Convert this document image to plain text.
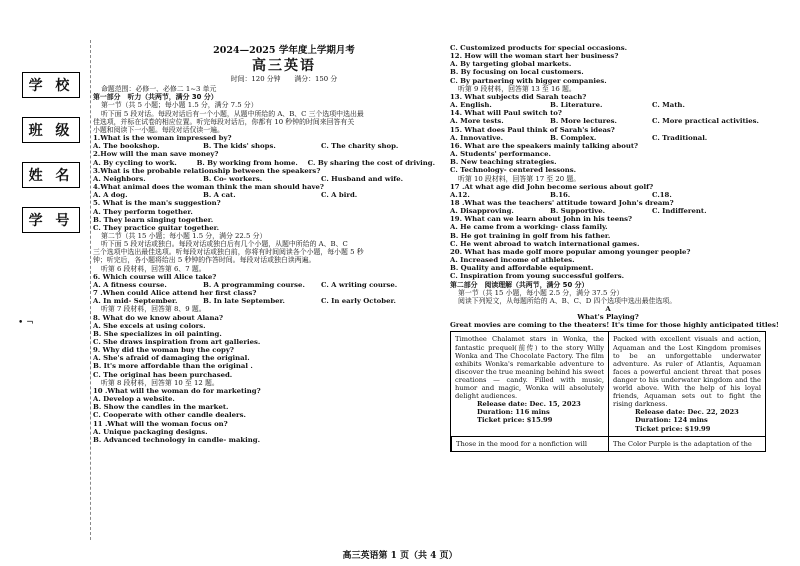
学 校
班 级
姓 名
学 号
• ¬
2024—2025 学年度上学期月考
高三英语
时间：120 分钟　　满分：150 分
命题范围：必修一、必修二 1~3 单元
第一部分　听力（共两节，满分 30 分）
第一节（共 5 小题；每小题 1.5 分，满分 7.5 分）
听下面 5 段对话。每段对话后有一个小题，从题中所给的 A、B、C 三个选项中选出最
佳选项，并标在试卷的相应位置。听完每段对话后，你都有 10 秒钟的时间来回答有关
小题和阅读下一小题。每段对话仅读一遍。
1.What is the woman impressed by?
A. The bookshop.	B. The kids' shops.	C. The charity shop.
2.How will the man save money?
A. By cycling to work.	B. By working from home.	C. By sharing the cost of driving.
3.What is the probable relationship between the speakers?
A. Neighbors.	B. Co- workers.	C. Husband and wife.
4.What animal does the woman think the man should have?
A. A dog.	B. A cat.	C. A bird.
5. What is the man's suggestion?
A. They perform together.
B. They learn singing together.
C. They practice guitar together.
第二节（共 15 小题；每小题 1.5 分，满分 22.5 分）
听下面 5 段对话或独白。每段对话或独白后有几个小题，从题中所给的 A、B、C
三个选项中选出最佳选项。听每段对话或独白前，你将有时间阅读各个小题，每小题 5 秒
钟；听完后，各小题将给出 5 秒钟的作答时间。每段对话或独白读两遍。
听第 6 段材料，回答第 6、7 题。
6. Which course will Alice take?
A. A fitness course.	B. A programming course.	C. A writing course.
7 .When could Alice attend her first class?
A. In mid- September.	B. In late September.	C. In early October.
听第 7 段材料，回答第 8、9 题。
8. What do we know about Alana?
A. She excels at using colors.
B. She specializes in oil painting.
C. She draws inspiration from art galleries.
9. Why did the woman buy the copy?
A. She's afraid of damaging the original.
B. It's more affordable than the original .
C. The original has been purchased.
听第 8 段材料，回答第 10 至 12 题。
10 .What will the woman do for marketing?
A. Develop a website.
B. Show the candles in the market.
C. Cooperate with other candle dealers.
11 .What will the woman focus on?
A. Unique packaging designs.
B. Advanced technology in candle- making.
C. Customized products for special occasions.
12. How will the woman start her business?
A. By targeting global markets.
B. By focusing on local customers.
C. By partnering with bigger companies.
听第 9 段材料，回答第 13 至 16 题。
13. What subjects did Sarah teach?
A. English.	B. Literature.	C. Math.
14. What will Paul switch to?
A. More tests.	B. More lectures.	C. More practical activities.
15. What does Paul think of Sarah's ideas?
A. Innovative.	B. Complex.	C. Traditional.
16. What are the speakers mainly talking about?
A. Students' performance.
B. New teaching strategies.
C. Technology- centered lessons.
听第 10 段材料，回答第 17 至 20 题。
17 .At what age did John become serious about golf?
A.12.	B.16.	C.18.
18 .What was the teachers' attitude toward John's dream?
A. Disapproving.	B. Supportive.	C. Indifferent.
19. What can we learn about John in his teens?
A. He came from a working- class family.
B. He got training in golf from his father.
C. He went abroad to watch international games.
20. What has made golf more popular among younger people?
A. Increased income of athletes.
B. Quality and affordable equipment.
C. Inspiration from young successful golfers.
第二部分　阅读理解（共两节，满分 50 分）
第一节（共 15 小题，每小题 2.5 分，满分 37.5 分）
阅读下列短文，从每题所给的 A、B、C、D 四个选项中选出最佳选项。
A
What's Playing?
Great movies are coming to the theaters! It's time for those highly anticipated titles!
Timothee Chalamet stars in Wonka, the fantastic prequel(前传) to the story Willy Wonka and The Chocolate Factory. The film exhibits Wonka's remarkable adventure to discover the true meaning behind his sweet creations — candy. Filled with music, humor and magic, Wonka will absolutely delight audiences.
Release date: Dec. 15, 2023
Duration: 116 mins
Ticket price: $15.99
Packed with excellent visuals and action, Aquaman and the Lost Kingdom promises to be an unforgettable underwater adventure. As ruler of Atlantis, Aquaman faces a powerful ancient threat that poses danger to his underwater kingdom and the world above. With the help of his loyal friends, Aquaman sets out to fight the rising darkness.
Release date: Dec. 22, 2023
Duration: 124 mins
Ticket price: $19.99
Those in the mood for a nonfiction will	The Color Purple is the adaptation of the
高三英语第 1 页（共 4 页）
